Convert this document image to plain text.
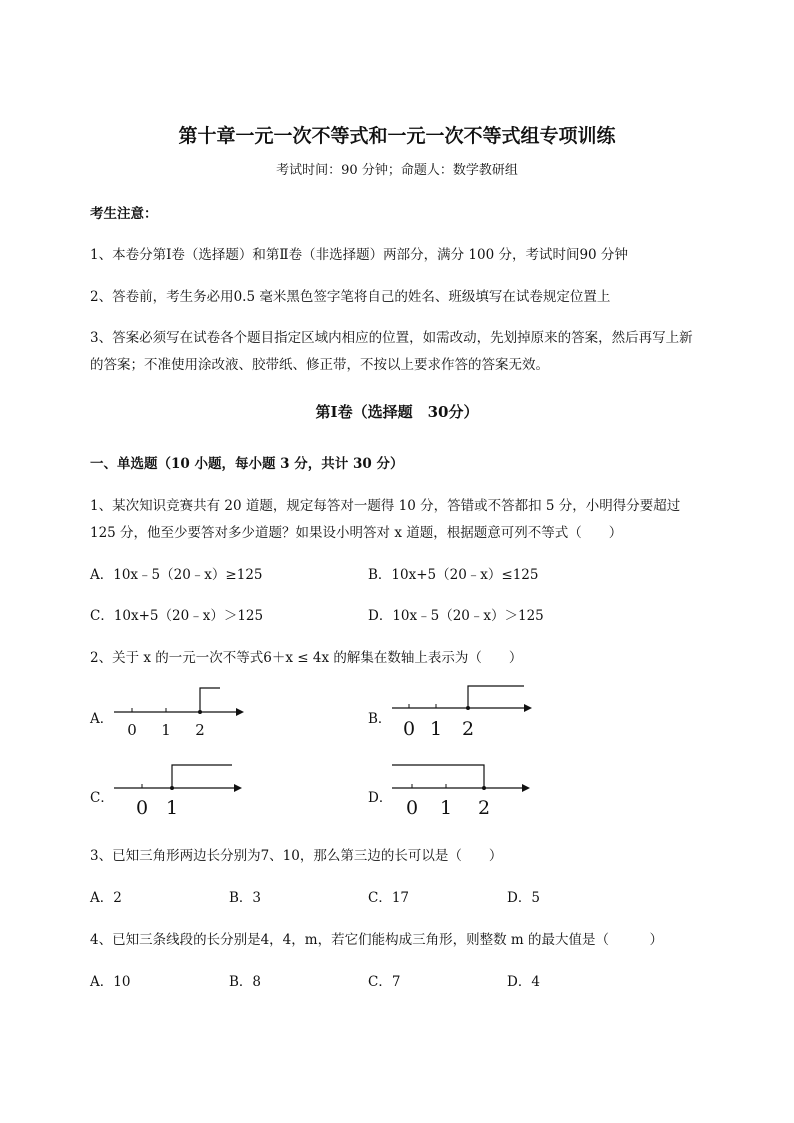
第十章一元一次不等式和一元一次不等式组专项训练
考试时间：90 分钟；命题人：数学教研组
考生注意：
1、本卷分第Ⅰ卷（选择题）和第Ⅱ卷（非选择题）两部分，满分 100 分，考试时间90 分钟
2、答卷前，考生务必用0.5 毫米黑色签字笔将自己的姓名、班级填写在试卷规定位置上
3、答案必须写在试卷各个题目指定区域内相应的位置，如需改动，先划掉原来的答案，然后再写上新
的答案；不准使用涂改液、胶带纸、修正带，不按以上要求作答的答案无效。
第Ⅰ卷（选择题　30分）
一、单选题（10 小题，每小题 3 分，共计 30 分）
1、某次知识竞赛共有 20 道题，规定每答对一题得 10 分，答错或不答都扣 5 分，小明得分要超过
125 分，他至少要答对多少道题？如果设小明答对 x 道题，根据题意可列不等式（　　）
A．10x﹣5（20﹣x）≥125	B．10x+5（20﹣x）≤125
C．10x+5（20﹣x）＞125	D．10x﹣5（20﹣x）＞125
2、关于 x 的一元一次不等式6＋x ≤ 4x 的解集在数轴上表示为（　　）
A．
0 1 2
B． 0 1 2
C． 0 1	D． 0 1 2
3、已知三角形两边长分别为7、10，那么第三边的长可以是（　　）
A．2	B．3	C．17	D．5
4、已知三条线段的长分别是4，4，m，若它们能构成三角形，则整数 m 的最大值是（　　　）
A．10	B．8	C．7	D．4
